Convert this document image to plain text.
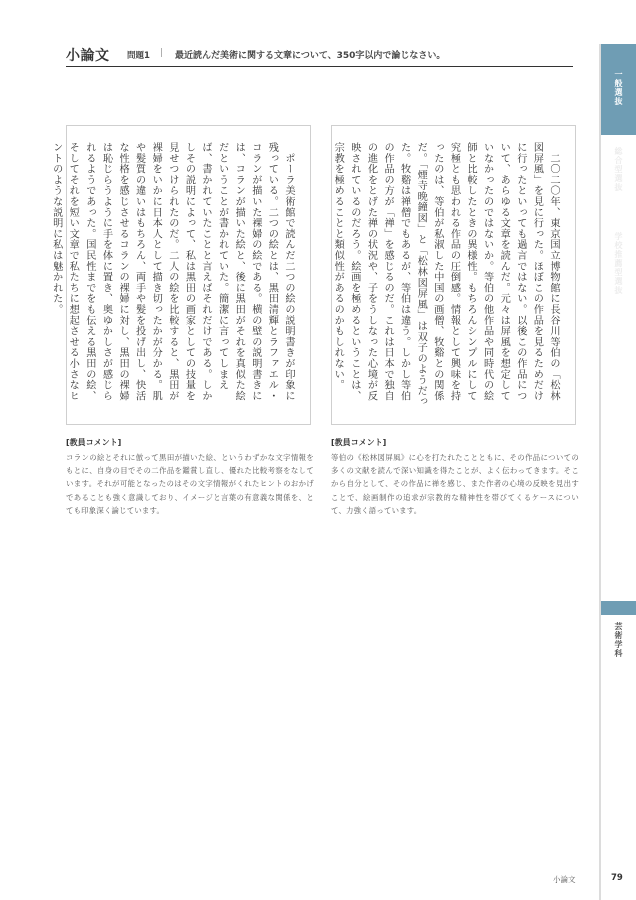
小論文 問題1 | 最近読んだ美術に関する文章について、350字以内で論じなさい。
一般選抜
総合型選抜
学校推薦型選抜
芸術学科
　ポーラ美術館で読んだ二つの絵の説明書きが印象に残っている。二つの絵とは、黒田清輝とラファエル・コランが描いた裸婦の絵である。横の壁の説明書きには、コランが描いた絵と、後に黒田がそれを真似た絵だということが書かれていた。簡潔に言ってしまえば、書かれていたことと言えばそれだけである。しかしその説明によって、私は黒田の画家としての技量を見せつけられたのだ。二人の絵を比較すると、黒田が裸婦をいかに日本人として描き切ったかが分かる。肌や髪質の違いはもちろん、両手や髪を投げ出し、快活な性格を感じさせるコランの裸婦に対し、黒田の裸婦は恥じらうように手を体に置き、奥ゆかしさが感じられるようであった。国民性までをも伝える黒田の絵、そしてそれを短い文章で私たちに想起させる小さなヒントのような説明に私は魅かれた。	　二〇二〇年、東京国立博物館に長谷川等伯の「松林図屏風」を見に行った。ほぼこの作品を見るためだけに行ったといっても過言ではない。以後この作品について、あらゆる文章を読んだ。元々は屏風を想定していなかったのではないか。等伯の他作品や同時代の絵師と比較したときの異様性。もちろんシンプルにして究極とも思われる作品の圧倒感。情報として興味を持ったのは、等伯が私淑した中国の画僧、牧谿との関係だ。「煙寺晩鐘図」と「松林図屏風」は双子のようだった。牧谿は禅僧でもあるが、等伯は違う。しかし等伯の作品の方が「禅」を感じるのだ。これは日本で独自の進化をとげた禅の状況や、子をうしなった心境が反映されているのだろう。絵画を極めるということは、宗教を極めることと類似性があるのかもしれない。
[教員コメント]
コランの絵とそれに倣って黒田が描いた絵、というわずかな文字情報をもとに、自身の目でその二作品を鑑賞し直し、優れた比較考察をなしています。それが可能となったのはその文字情報がくれたヒントのおかげであることも強く意識しており、イメージと言葉の有意義な関係を、とても印象深く論じています。
[教員コメント]
等伯の《松林図屏風》に心を打たれたことともに、その作品についての多くの文献を読んで深い知識を得たことが、よく伝わってきます。そこから自分として、その作品に禅を感じ、また作者の心境の反映を見出すことで、絵画制作の追求が宗教的な精神性を帯びてくるケースについて、力強く語っています。
小論文	79
